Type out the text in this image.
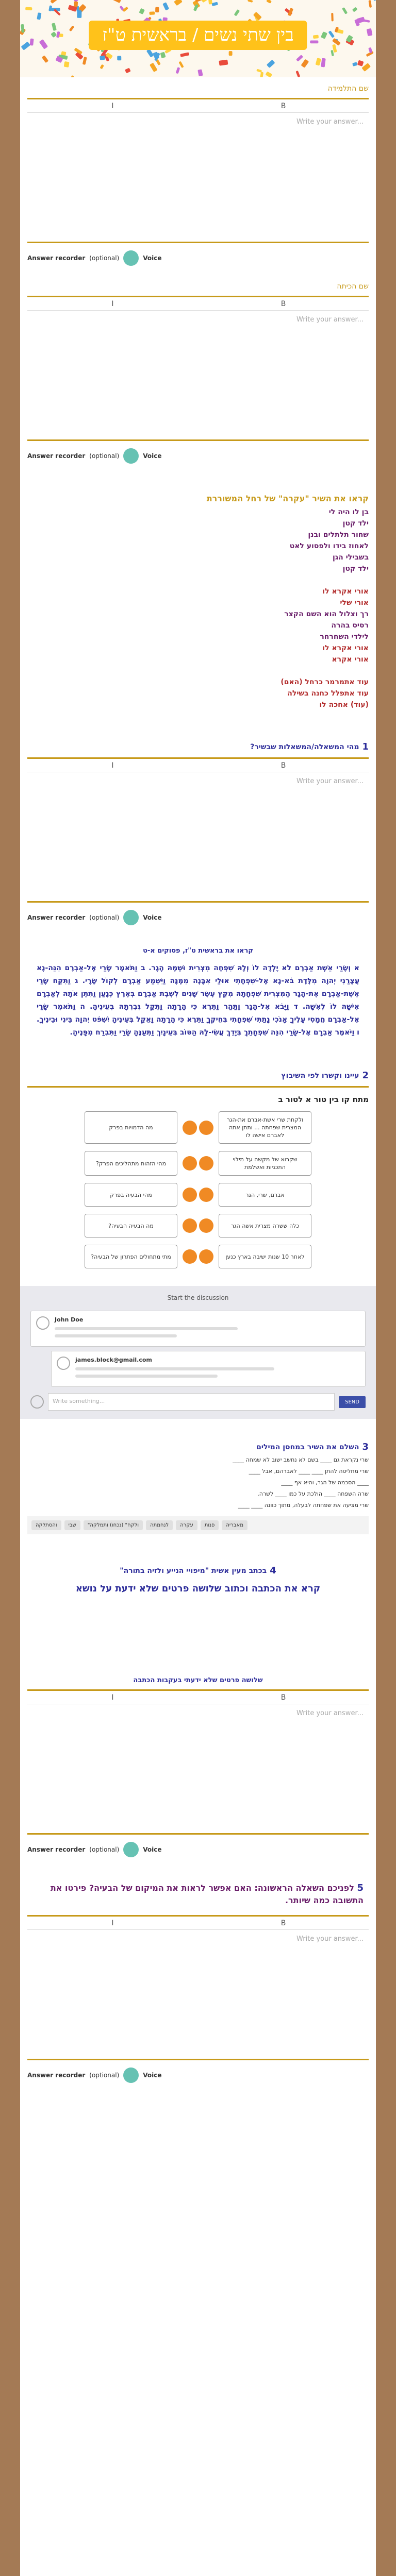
בין שתי נשים / בראשית ט"ז
שם התלמידה
I	B
Write your answer...
Answer recorder (optional)	Voice
שם הכיתה
I	B
Write your answer...
Answer recorder (optional)	Voice
קראו את השיר "עקרה" של רחל המשוררת
בן לו היה לי
ילד קטן
שחור תלתלים ובנן
לאחוז בידו ולפסוע לאט
בשבילי הגן
ילד קטן
אורי אקרא לו
אורי שלי
רך וצלול הוא השם הקצר
רסיס בהרה
לילדי השחרחר
אורי אקרא לו
אורי אקרא
עוד אתמרמר כרחל (האם)
עוד אתפלל כחנה בשילה
(עוד) אחכה לו
1
מהי המשאלה/המשאלות שבשיר?
I	B
Write your answer...
Answer recorder (optional)	Voice
קראו את בראשית ט"ז, פסוקים א-ט
א וְשָׂרַי אֵשֶׁת אַבְרָם לֹא יָלְדָה לוֹ וְלָהּ שִׁפְחָה מִצְרִית וּשְׁמָהּ הָגָר. ב וַתֹּאמֶר שָׂרַי אֶל-אַבְרָם הִנֵּה-נָא עֲצָרַנִי יְהוָה מִלֶּדֶת בֹּא-נָא אֶל-שִׁפְחָתִי אוּלַי אִבָּנֶה מִמֶּנָּה וַיִּשְׁמַע אַבְרָם לְקוֹל שָׂרָי. ג וַתִּקַּח שָׂרַי אֵשֶׁת-אַבְרָם אֶת-הָגָר הַמִּצְרִית שִׁפְחָתָהּ מִקֵּץ עֶשֶׂר שָׁנִים לְשֶׁבֶת אַבְרָם בְּאֶרֶץ כְּנָעַן וַתִּתֵּן אֹתָהּ לְאַבְרָם אִישָׁהּ לוֹ לְאִשָּׁה. ד וַיָּבֹא אֶל-הָגָר וַתַּהַר וַתֵּרֶא כִּי הָרָתָה וַתֵּקַל גְּבִרְתָּהּ בְּעֵינֶיהָ. ה וַתֹּאמֶר שָׂרַי אֶל-אַבְרָם חֲמָסִי עָלֶיךָ אָנֹכִי נָתַתִּי שִׁפְחָתִי בְּחֵיקֶךָ וַתֵּרֶא כִּי הָרָתָה וָאֵקַל בְּעֵינֶיהָ יִשְׁפֹּט יְהוָה בֵּינִי וּבֵינֶיךָ. ו וַיֹּאמֶר אַבְרָם אֶל-שָׂרַי הִנֵּה שִׁפְחָתֵךְ בְּיָדֵךְ עֲשִׂי-לָהּ הַטּוֹב בְּעֵינָיִךְ וַתְּעַנֶּהָ שָׂרַי וַתִּבְרַח מִפָּנֶיהָ.
2
עיינו וקשרו לפי השיבוץ
מתח קו בין טור א לטור ב
ולקחת שרי אשת-אברם את-הגר המצרית שפחתה ... ותתן אתה לאברם אישה לו
מה הדמויות בפרק
שקרוא של מקשה על מילוי התכניות ואשלמת
מהי הזהות מתהליכים הפרק?
אברם, שרי, הגר
מהי הבעיה בפרק
כלה ששרה מצרית אשה הגר
מה הבעיה הבעיה?
לאחר 10 שנות ישיבה בארץ כנען
מתי מתחולים הפתרון של הבעיה?
Start the discussion
John Doe
james.block@gmail.com
Write something...	SEND
3
השלם את השיר במחסן המילים
שרי נקראת גם ____ בשם לא נחשב ישוב לא שמחה ____
שרי מחליטה להתן ____ ____ לאברהם, אבל ____
____ הסכמה של הגר, והיא אף ____
שרה השפחה ____ הולכת על כמו ____ לשרה.
שרי מציעה את שפחתה לבעלה, מתוך כוונה ____ ____
והסתלקה	שבי	"ולקח" (נכחו) ותמלקה	לנחמתה	עקרה	פנות	מאבריה
4
בכתב מעין אשית "מיפויי הנייע ולזיה בתורה"
קרא את הכתבה וכתוב שלושה פרטים שלא ידעת על נושא
שלושה פרטים שלא ידעתי בעקבות הכתבה
I	B
Write your answer...
Answer recorder (optional)	Voice
5 לפניכם השאלה הראשונה: האם אפשר לראות את המיקום של הבעיה? פירטו את התשובה כמה שיותר.
I	B
Write your answer...
Answer recorder (optional)	Voice
